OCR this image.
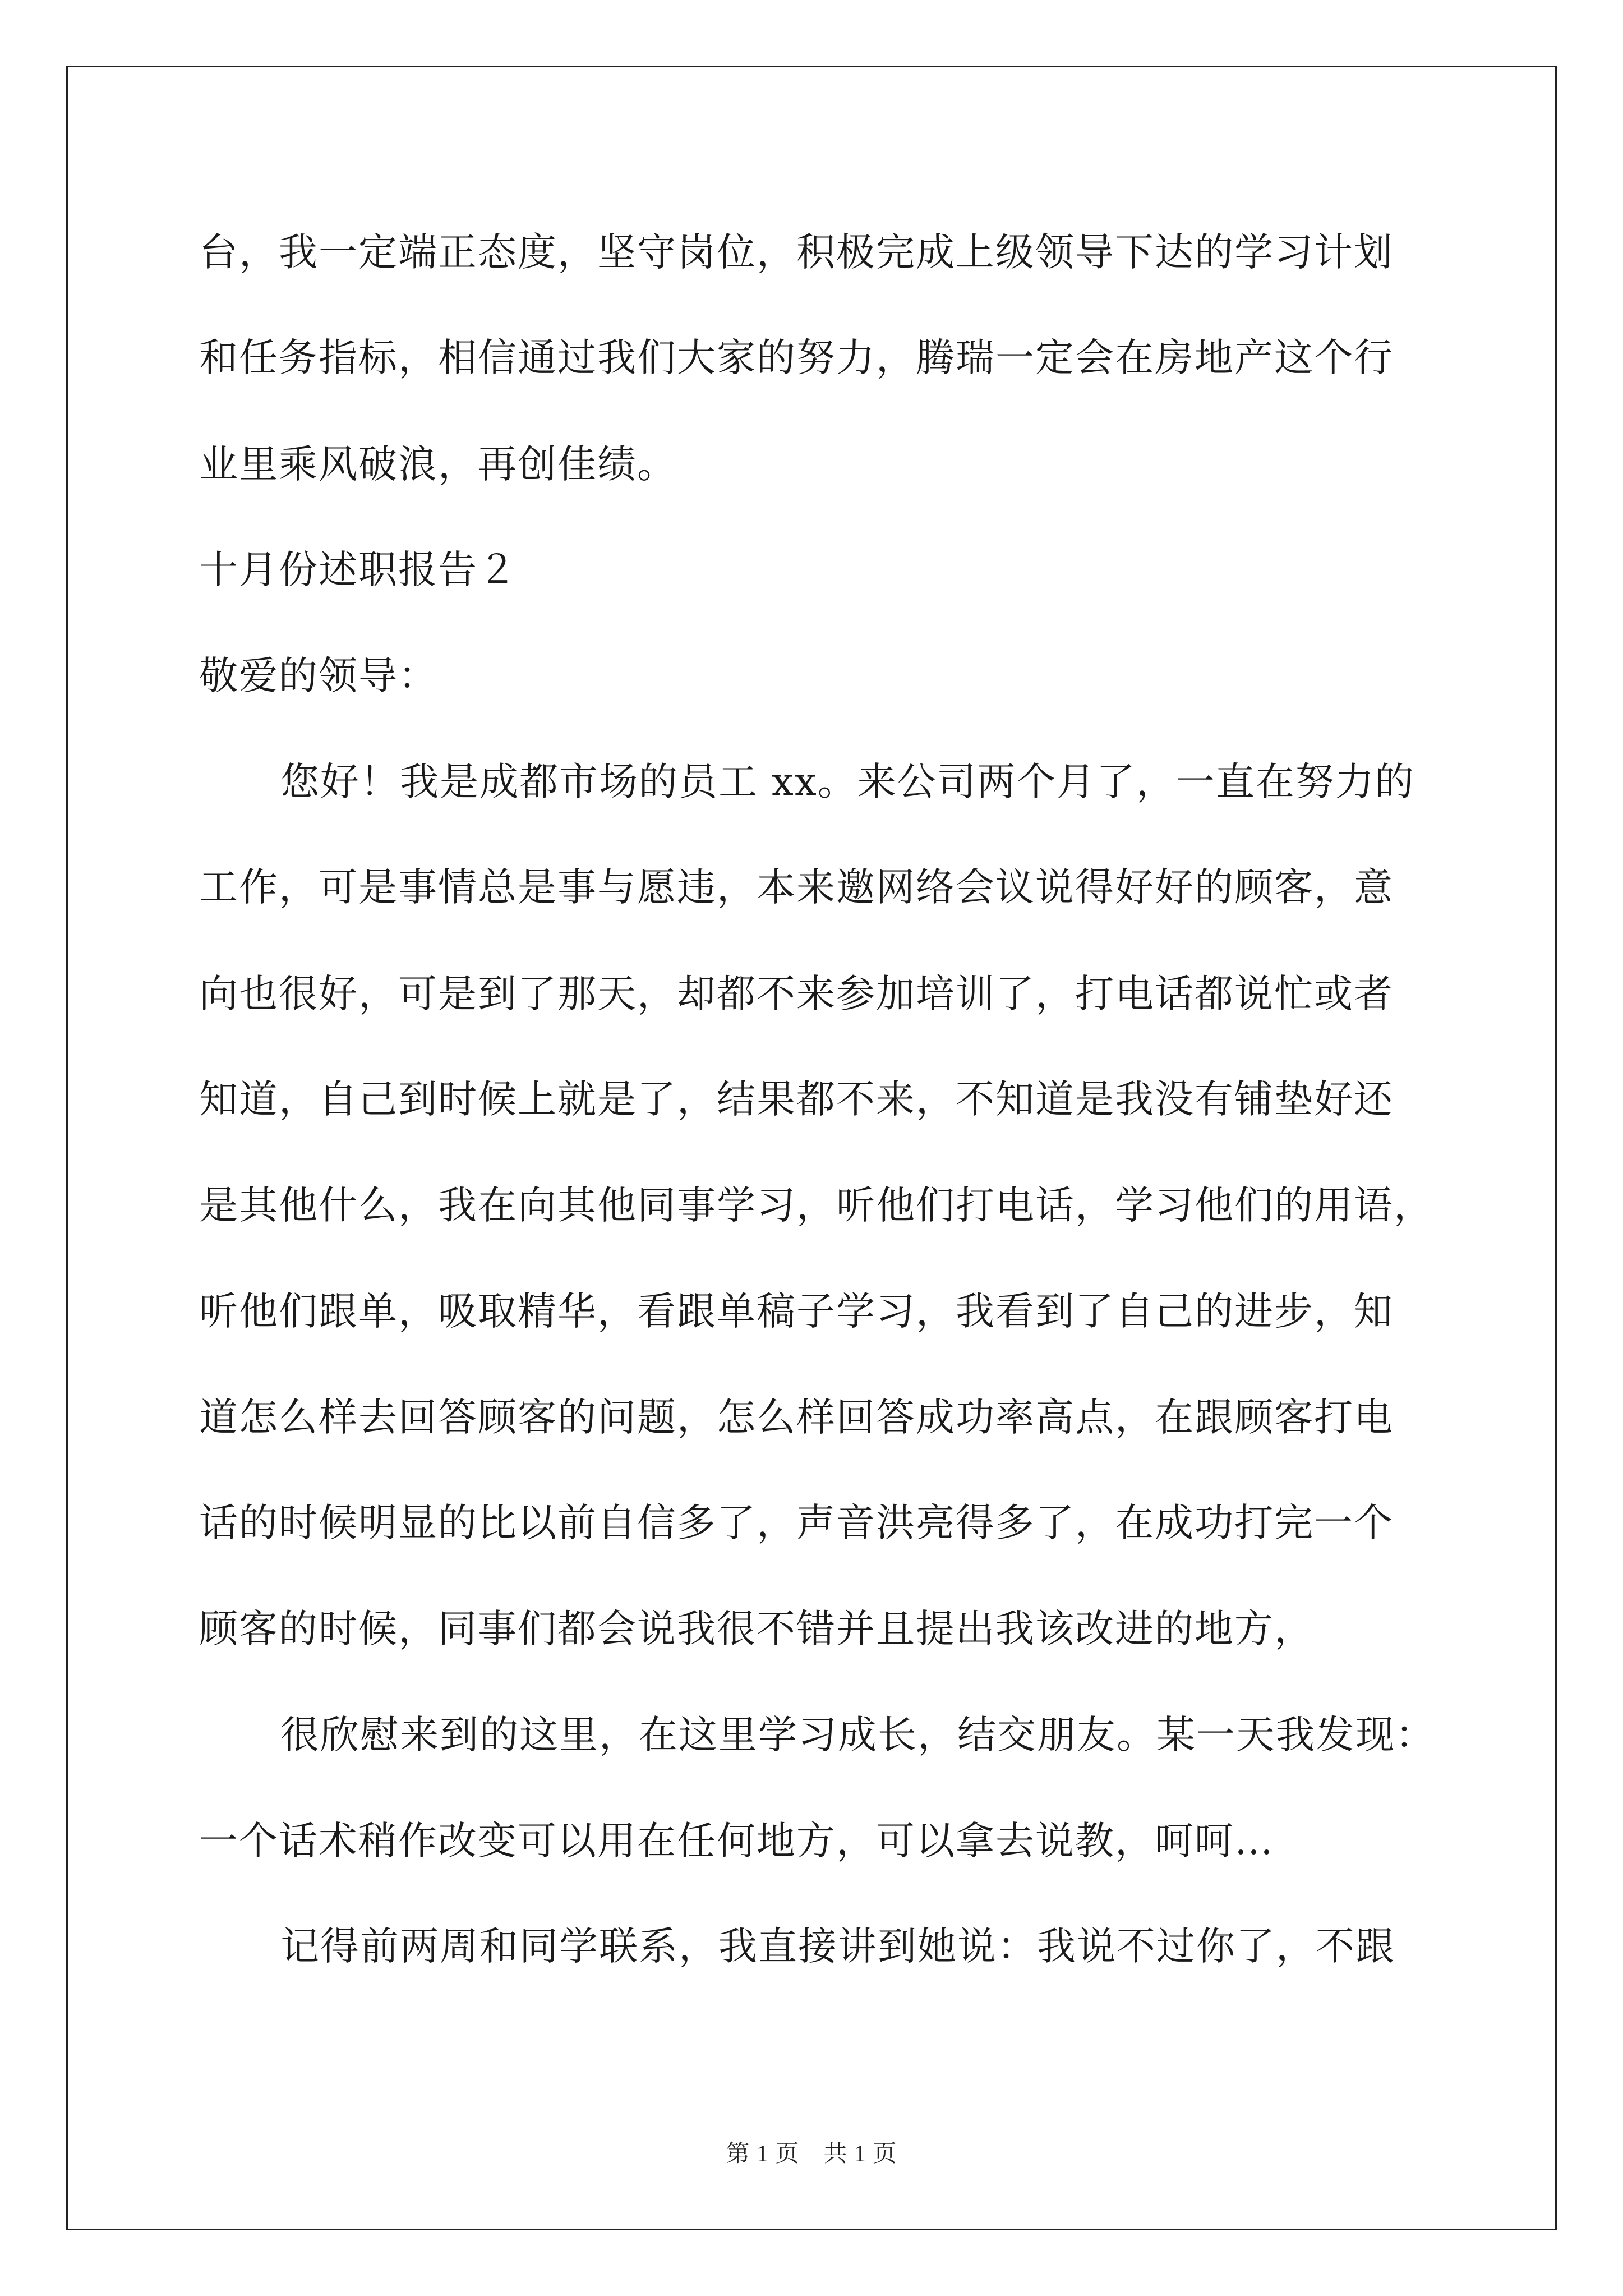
台，我一定端正态度，坚守岗位，积极完成上级领导下达的学习计划
和任务指标，相信通过我们大家的努力，腾瑞一定会在房地产这个行
业里乘风破浪，再创佳绩。
十月份述职报告２
敬爱的领导：
您好！我是成都市场的员工 xx。来公司两个月了，一直在努力的
工作，可是事情总是事与愿违，本来邀网络会议说得好好的顾客，意
向也很好，可是到了那天，却都不来参加培训了，打电话都说忙或者
知道，自己到时候上就是了，结果都不来，不知道是我没有铺垫好还
是其他什么，我在向其他同事学习，听他们打电话，学习他们的用语，
听他们跟单，吸取精华，看跟单稿子学习，我看到了自己的进步，知
道怎么样去回答顾客的问题，怎么样回答成功率高点，在跟顾客打电
话的时候明显的比以前自信多了，声音洪亮得多了，在成功打完一个
顾客的时候，同事们都会说我很不错并且提出我该改进的地方，
很欣慰来到的这里，在这里学习成长，结交朋友。某一天我发现：
一个话术稍作改变可以用在任何地方，可以拿去说教，呵呵…
记得前两周和同学联系，我直接讲到她说：我说不过你了，不跟
第 1 页　共 1 页
